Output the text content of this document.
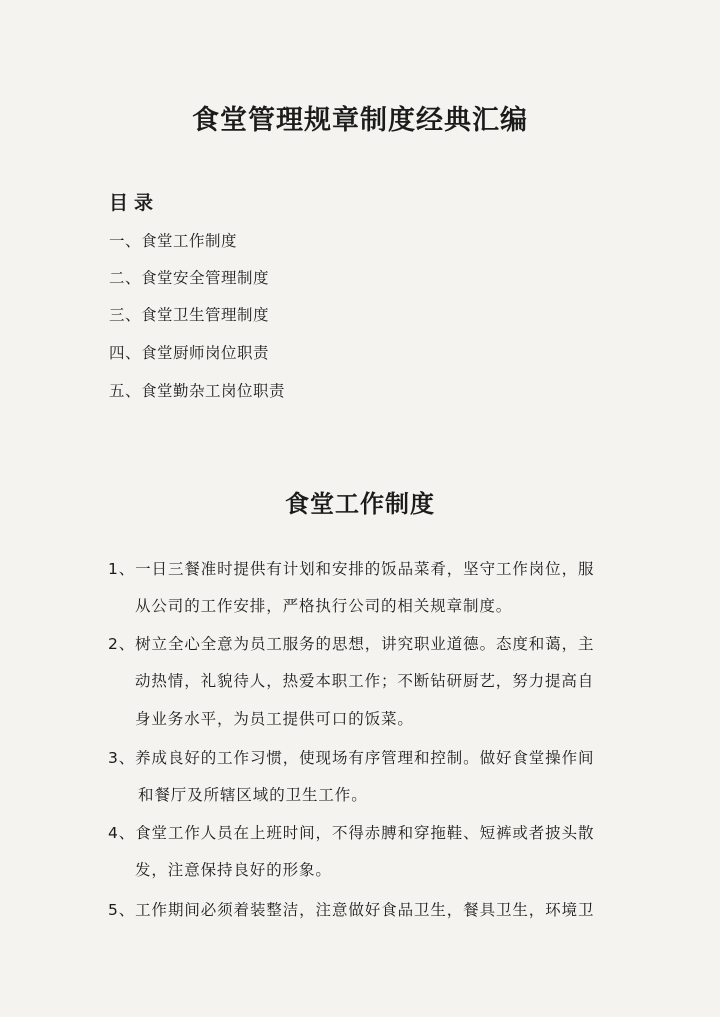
食堂管理规章制度经典汇编
目录
一、食堂工作制度
二、食堂安全管理制度
三、食堂卫生管理制度
四、食堂厨师岗位职责
五、食堂勤杂工岗位职责
食堂工作制度
1、一日三餐准时提供有计划和安排的饭品菜肴，坚守工作岗位，服
从公司的工作安排，严格执行公司的相关规章制度。
2、树立全心全意为员工服务的思想，讲究职业道德。态度和蔼，主
动热情，礼貌待人，热爱本职工作；不断钻研厨艺，努力提高自
身业务水平，为员工提供可口的饭菜。
3、养成良好的工作习惯，使现场有序管理和控制。做好食堂操作间
和餐厅及所辖区域的卫生工作。
4、食堂工作人员在上班时间，不得赤膊和穿拖鞋、短裤或者披头散
发，注意保持良好的形象。
5、工作期间必须着装整洁，注意做好食品卫生，餐具卫生，环境卫
